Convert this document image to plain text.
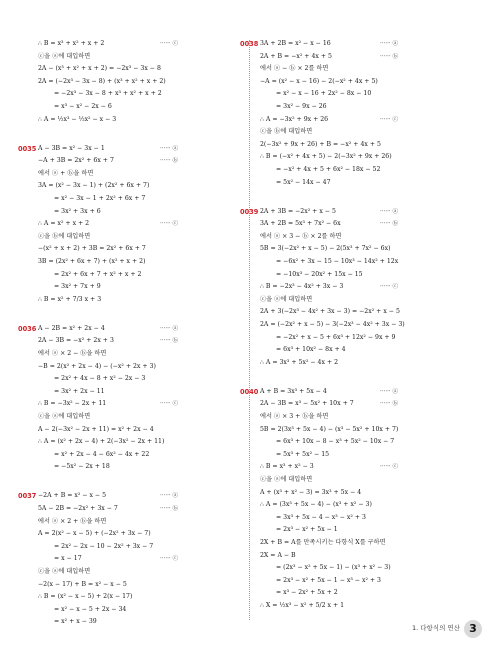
∴ B = x³ + x² + x + 2	······ ⓒ
ⓒ을 ⓐ에 대입하면
2A − (x³ + x² + x + 2) = −2x³ − 3x − 8
2A = (−2x³ − 3x − 8) + (x³ + x² + x + 2)
= −2x³ − 3x − 8 + x³ + x² + x + 2
= x³ − x² − 2x − 6
∴ A = ½x³ − ½x² − x − 3
0035 A − 3B = x² − 3x − 1	······ ⓐ
−A + 3B = 2x² + 6x + 7	······ ⓑ
에서 ⓐ + ⓑ을 하면
3A = (x² − 3x − 1) + (2x² + 6x + 7)
= x² − 3x − 1 + 2x² + 6x + 7
= 3x² + 3x + 6
∴ A = x² + x + 2	······ ⓒ
ⓒ을 ⓑ에 대입하면
−(x² + x + 2) + 3B = 2x² + 6x + 7
3B = (2x² + 6x + 7) + (x² + x + 2)
= 2x² + 6x + 7 + x² + x + 2
= 3x² + 7x + 9
∴ B = x² + 7/3 x + 3
0036 A − 2B = x² + 2x − 4	······ ⓐ
2A − 3B = −x² + 2x + 3	······ ⓑ
에서 ⓐ × 2 − ⓑ을 하면
−B = 2(x² + 2x − 4) − (−x² + 2x + 3)
= 2x² + 4x − 8 + x² − 2x − 3
= 3x² + 2x − 11
∴ B = −3x² − 2x + 11	······ ⓒ
ⓒ을 ⓐ에 대입하면
A − 2(−3x² − 2x + 11) = x² + 2x − 4
∴ A = (x² + 2x − 4) + 2(−3x² − 2x + 11)
= x² + 2x − 4 − 6x² − 4x + 22
= −5x² − 2x + 18
0037 −2A + B = x² − x − 5	······ ⓐ
5A − 2B = −2x² + 3x − 7	······ ⓑ
에서 ⓐ × 2 + ⓑ을 하면
A = 2(x² − x − 5) + (−2x² + 3x − 7)
= 2x² − 2x − 10 − 2x² + 3x − 7
= x − 17	······ ⓒ
ⓒ을 ⓐ에 대입하면
−2(x − 17) + B = x² − x − 5
∴ B = (x² − x − 5) + 2(x − 17)
= x² − x − 5 + 2x − 34
= x² + x − 39
0038 3A + 2B = x² − x − 16	······ ⓐ
2A + B = −x² + 4x + 5	······ ⓑ
에서 ⓐ − ⓑ × 2를 하면
−A = (x² − x − 16) − 2(−x² + 4x + 5)
= x² − x − 16 + 2x² − 8x − 10
= 3x² − 9x − 26
∴ A = −3x² + 9x + 26	······ ⓒ
ⓒ을 ⓑ에 대입하면
2(−3x² + 9x + 26) + B = −x² + 4x + 5
∴ B = (−x² + 4x + 5) − 2(−3x² + 9x + 26)
= −x² + 4x + 5 + 6x² − 18x − 52
= 5x² − 14x − 47
0039 2A + 3B = −2x² + x − 5	······ ⓐ
3A + 2B = 5x³ + 7x² − 6x	······ ⓑ
에서 ⓐ × 3 − ⓑ × 2를 하면
5B = 3(−2x² + x − 5) − 2(5x³ + 7x² − 6x)
= −6x² + 3x − 15 − 10x³ − 14x² + 12x
= −10x³ − 20x² + 15x − 15
∴ B = −2x³ − 4x² + 3x − 3	······ ⓒ
ⓒ을 ⓐ에 대입하면
2A + 3(−2x³ − 4x² + 3x − 3) = −2x² + x − 5
2A = (−2x² + x − 5) − 3(−2x³ − 4x² + 3x − 3)
= −2x² + x − 5 + 6x³ + 12x² − 9x + 9
= 6x³ + 10x² − 8x + 4
∴ A = 3x³ + 5x² − 4x + 2
0040 A + B = 3x³ + 5x − 4	······ ⓐ
2A − 3B = x³ − 5x² + 10x + 7	······ ⓑ
에서 ⓐ × 3 + ⓑ을 하면
5B = 2(3x³ + 5x − 4) − (x³ − 5x² + 10x + 7)
= 6x³ + 10x − 8 − x³ + 5x² − 10x − 7
= 5x³ + 5x² − 15
∴ B = x³ + x² − 3	······ ⓒ
ⓒ을 ⓐ에 대입하면
A + (x³ + x² − 3) = 3x³ + 5x − 4
∴ A = (3x³ + 5x − 4) − (x³ + x² − 3)
= 3x³ + 5x − 4 − x³ − x² + 3
= 2x³ − x² + 5x − 1
2X + B = A를 만족시키는 다항식 X를 구하면
2X = A − B
= (2x³ − x² + 5x − 1) − (x³ + x² − 3)
= 2x³ − x² + 5x − 1 − x³ − x² + 3
= x³ − 2x² + 5x + 2
∴ X = ½x³ − x² + 5/2 x + 1
1. 다항식의 연산 3
